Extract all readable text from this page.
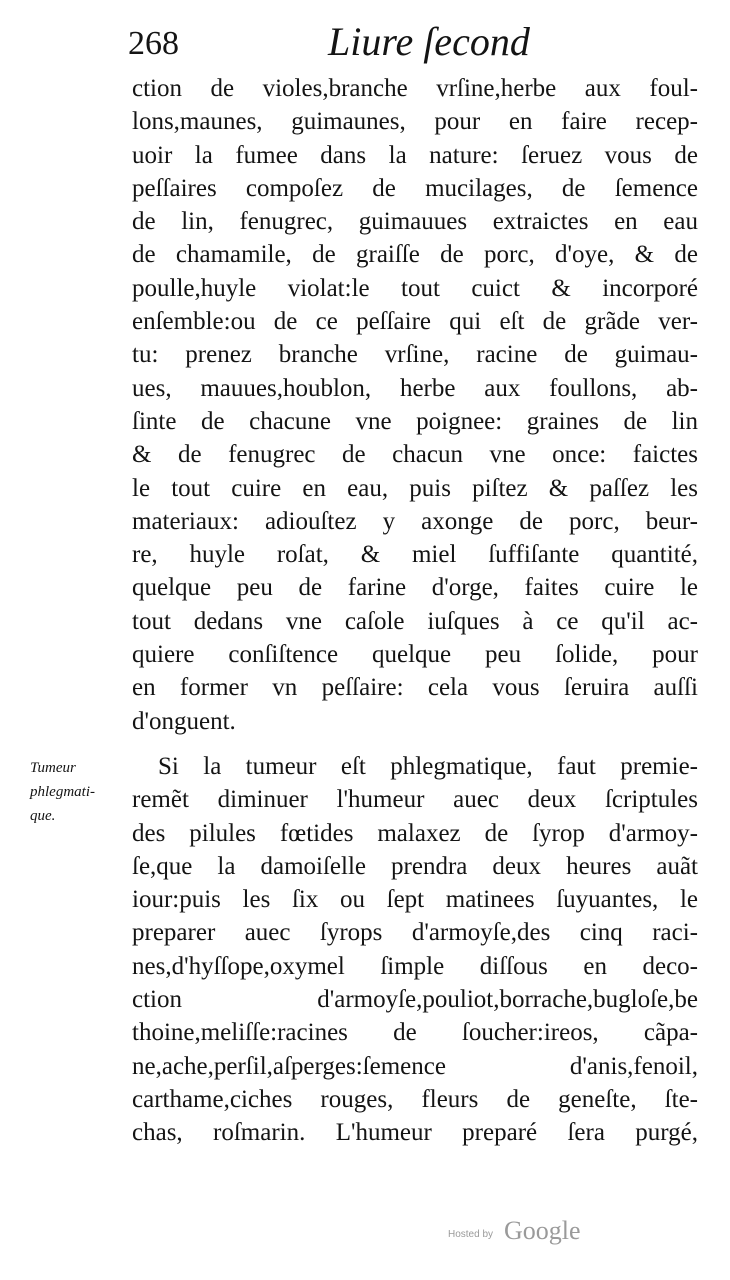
268	Liure ſecond
Tumeur
phlegmati-
que.
ction de violes,branche vrſine,herbe aux foul-
lons,maunes, guimaunes, pour en faire recep-
uoir la fumee dans la nature: ſeruez vous de
peſſaires compoſez de mucilages, de ſemence
de lin, fenugrec, guimauues extraictes en eau
de chamamile, de graiſſe de porc, d'oye, & de
poulle,huyle violat:le tout cuict & incorporé
enſemble:ou de ce peſſaire qui eſt de grãde ver-
tu: prenez branche vrſine, racine de guimau-
ues, mauues,houblon, herbe aux foullons, ab-
ſinte de chacune vne poignee: graines de lin
& de fenugrec de chacun vne once: faictes
le tout cuire en eau, puis piſtez & paſſez les
materiaux: adiouſtez y axonge de porc, beur-
re, huyle roſat, & miel ſuffiſante quantité,
quelque peu de farine d'orge, faites cuire le
tout dedans vne caſole iuſques à ce qu'il ac-
quiere conſiſtence quelque peu ſolide, pour
en former vn peſſaire: cela vous ſeruira auſſi
d'onguent.
Si la tumeur eſt phlegmatique, faut premie-
remẽt diminuer l'humeur auec deux ſcriptules
des pilules fœtides malaxez de ſyrop d'armoy-
ſe,que la damoiſelle prendra deux heures auãt
iour:puis les ſix ou ſept matinees ſuyuantes, le
preparer auec ſyrops d'armoyſe,des cinq raci-
nes,d'hyſſope,oxymel ſimple diſſous en deco-
ction d'armoyſe,pouliot,borrache,bugloſe,be
thoine,meliſſe:racines de ſoucher:ireos, cãpa-
ne,ache,perſil,aſperges:ſemence d'anis,fenoil,
carthame,ciches rouges, fleurs de geneſte, ſte-
chas, roſmarin. L'humeur preparé ſera purgé,
Hosted by Google
